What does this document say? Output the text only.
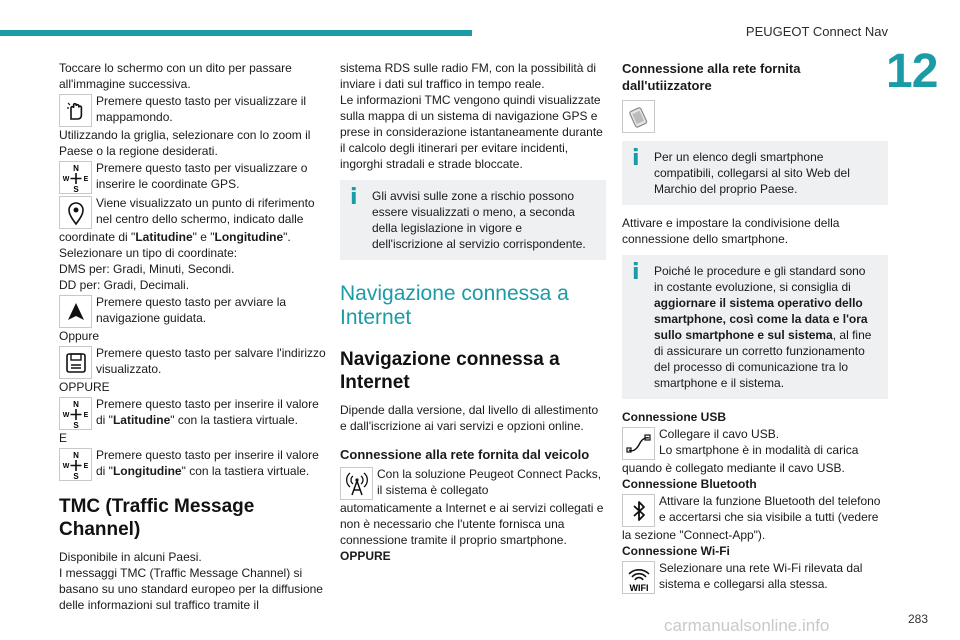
PEUGEOT Connect Nav
12

Toccare lo schermo con un dito per passare all'immagine successiva.

Premere questo tasto per visualizzare il mappamondo.

Utilizzando la griglia, selezionare con lo zoom il Paese o la regione desiderati.

N
S
W E
Premere questo tasto per visualizzare o inserire le coordinate GPS.
Viene visualizzato un punto di riferimento nel centro dello schermo, indicato dalle

coordinate di "Latitudine" e "Longitudine".

Selezionare un tipo di coordinate:

DMS per: Gradi, Minuti, Secondi.

DD per: Gradi, Decimali.

Premere questo tasto per avviare la navigazione guidata.

Oppure

Premere questo tasto per salvare l'indirizzo visualizzato.

OPPURE

N
S
W E
Premere questo tasto per inserire il valore di "Latitudine" con la tastiera virtuale.

E

N
S
W E
Premere questo tasto per inserire il valore di "Longitudine" con la tastiera virtuale.
TMC (Traffic Message Channel)

Disponibile in alcuni Paesi.

I messaggi TMC (Traffic Message Channel) si basano su uno standard europeo per la diffusione delle informazioni sul traffico tramite il

sistema RDS sulle radio FM, con la possibilità di inviare i dati sul traffico in tempo reale.

Le informazioni TMC vengono quindi visualizzate sulla mappa di un sistema di navigazione GPS e prese in considerazione istantaneamente durante il calcolo degli itinerari per evitare incidenti, ingorghi stradali e strade bloccate.

i	Gli avvisi sulle zone a rischio possono essere visualizzati o meno, a seconda della legislazione in vigore e dell'iscrizione al servizio corrispondente.
Navigazione connessa a Internet
Navigazione connessa a Internet

Dipende dalla versione, dal livello di allestimento e dall'iscrizione ai vari servizi e opzioni online.

Connessione alla rete fornita dal veicolo
Con la soluzione Peugeot Connect Packs, il sistema è collegato

automaticamente a Internet e ai servizi collegati e non è necessario che l'utente fornisca una connessione tramite il proprio smartphone.

OPPURE

Connessione alla rete fornita dall'utiizzatore
i	Per un elenco degli smartphone compatibili, collegarsi al sito Web del Marchio del proprio Paese.

Attivare e impostare la condivisione della connessione dello smartphone.

i	Poiché le procedure e gli standard sono in costante evoluzione, si consiglia di aggiornare il sistema operativo dello smartphone, così come la data e l'ora sullo smartphone e sul sistema, al fine di assicurare un corretto funzionamento del processo di comunicazione tra lo smartphone e il sistema.
Connessione USB
Collegare il cavo USB.
Lo smartphone è in modalità di carica

quando è collegato mediante il cavo USB.

Connessione Bluetooth
Attivare la funzione Bluetooth del telefono e accertarsi che sia visibile a tutti (vedere

la sezione "Connect-App").

Connessione Wi-Fi
WIFI
Selezionare una rete Wi-Fi rilevata dal sistema e collegarsi alla stessa.
carmanualsonline.info	283
